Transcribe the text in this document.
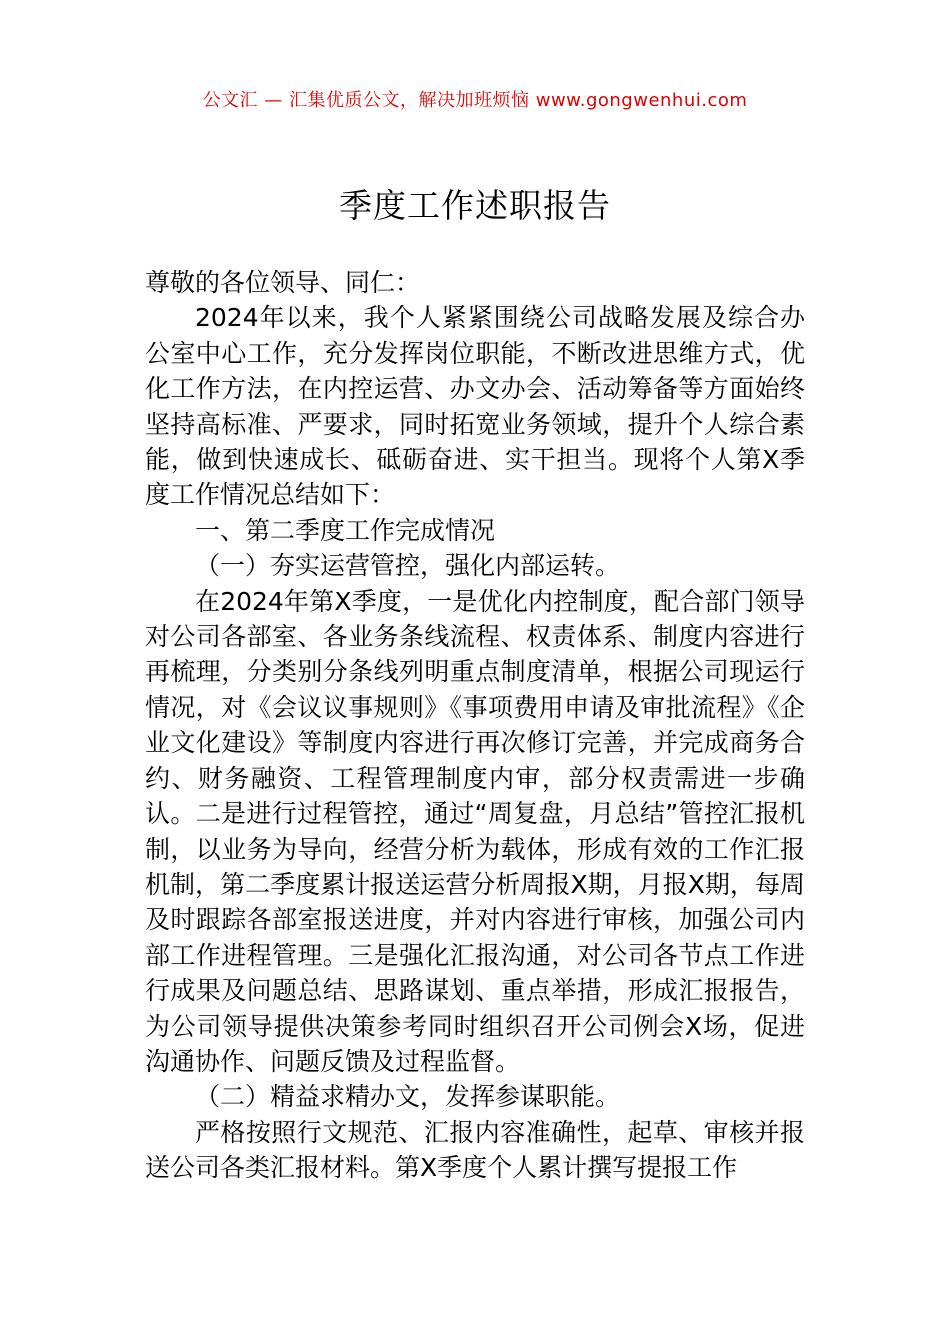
公文汇 — 汇集优质公文，解决加班烦恼 www.gongwenhui.com
季度工作述职报告

尊敬的各位领导、同仁：

2024年以来，我个人紧紧围绕公司战略发展及综合办公室中心工作，充分发挥岗位职能，不断改进思维方式，优化工作方法，在内控运营、办文办会、活动筹备等方面始终坚持高标准、严要求，同时拓宽业务领域，提升个人综合素能，做到快速成长、砥砺奋进、实干担当。现将个人第X季度工作情况总结如下：

一、第二季度工作完成情况

（一）夯实运营管控，强化内部运转。

在2024年第X季度，一是优化内控制度，配合部门领导对公司各部室、各业务条线流程、权责体系、制度内容进行再梳理，分类别分条线列明重点制度清单，根据公司现运行情况，对《会议议事规则》《事项费用申请及审批流程》《企业文化建设》等制度内容进行再次修订完善，并完成商务合约、财务融资、工程管理制度内审，部分权责需进一步确认。二是进行过程管控，通过“周复盘，月总结”管控汇报机制，以业务为导向，经营分析为载体，形成有效的工作汇报机制，第二季度累计报送运营分析周报X期，月报X期，每周及时跟踪各部室报送进度，并对内容进行审核，加强公司内部工作进程管理。三是强化汇报沟通，对公司各节点工作进行成果及问题总结、思路谋划、重点举措，形成汇报报告，为公司领导提供决策参考同时组织召开公司例会X场，促进沟通协作、问题反馈及过程监督。

（二）精益求精办文，发挥参谋职能。

严格按照行文规范、汇报内容准确性，起草、审核并报送公司各类汇报材料。第X季度个人累计撰写提报工作
